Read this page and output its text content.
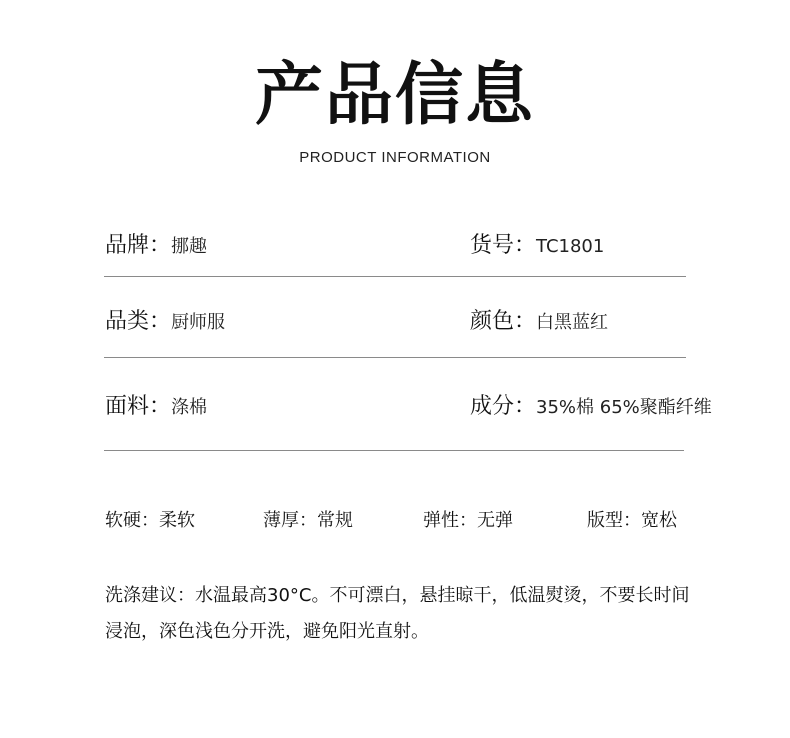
产品信息
PRODUCT INFORMATION
品牌： 挪趣	货号： TC1801
品类： 厨师服	颜色： 白黑蓝红
面料： 涤棉	成分： 35%棉 65%聚酯纤维
软硬：柔软	薄厚：常规	弹性：无弹	版型：宽松
洗涤建议：水温最高30°C。不可漂白，悬挂晾干，低温熨烫，不要长时间浸泡，深色浅色分开洗，避免阳光直射。
